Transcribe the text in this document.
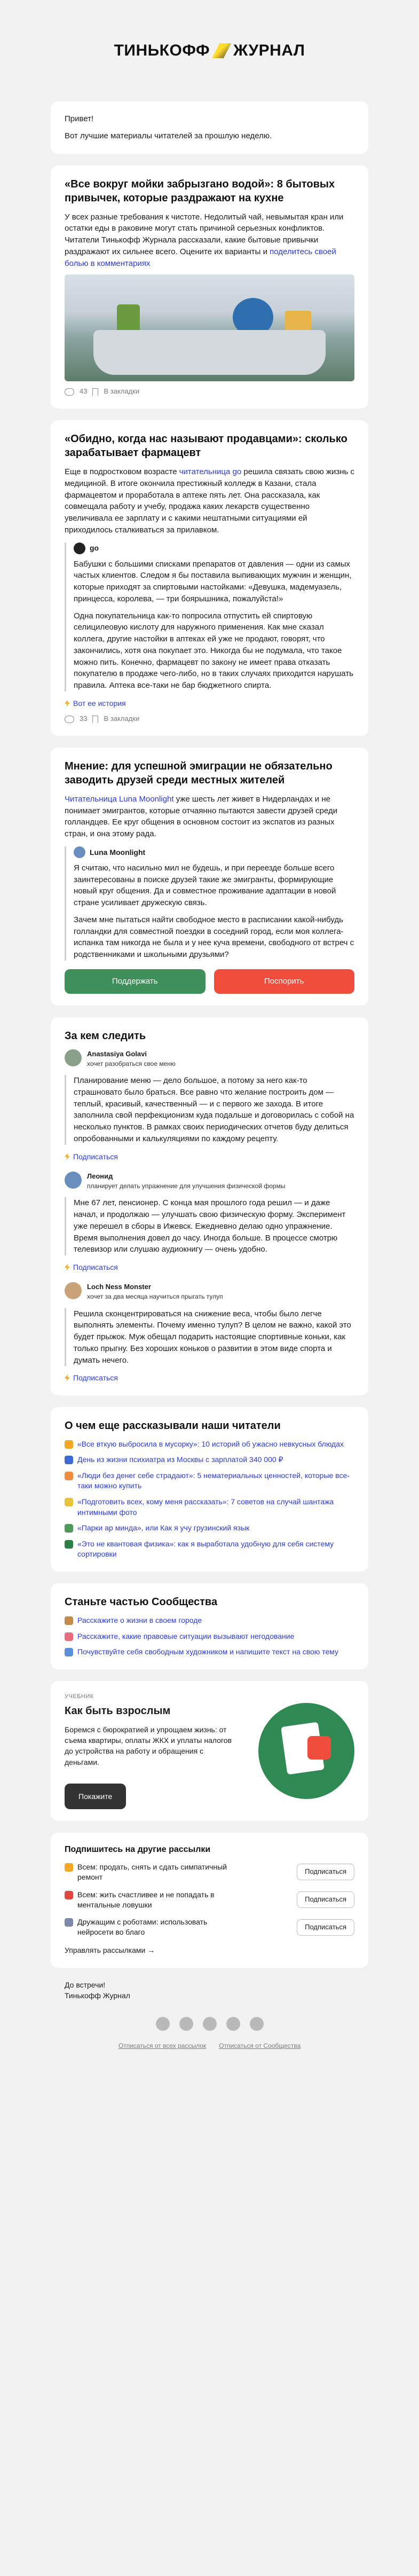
ТИНЬКОФФ ЖУРНАЛ

Привет!

Вот лучшие материалы читателей за прошлую неделю.

«Все вокруг мойки забрызгано водой»: 8 бытовых привычек, которые раздражают на кухне

У всех разные требования к чистоте. Недолитый чай, невымытая кран или остатки еды в раковине могут стать причиной серьезных конфликтов. Читатели Тинькофф Журнала рассказали, какие бытовые привычки раздражают их сильнее всего. Оцените их варианты и поделитесь своей болью в комментариях

43 В закладки
«Обидно, когда нас называют продавцами»: сколько зарабатывает фармацевт

Еще в подростковом возрасте читательница go решила связать свою жизнь с медициной. В итоге окончила престижный колледж в Казани, стала фармацевтом и проработала в аптеке пять лет. Она рассказала, как совмещала работу и учебу, продажа каких лекарств существенно увеличивала ее зарплату и с какими нештатными ситуациями ей приходилось сталкиваться за прилавком.

go

Бабушки с большими списками препаратов от давления — одни из самых частых клиентов. Следом я бы поставила выпивающих мужчин и женщин, которые приходят за спиртовыми настойками: «Девушка, мадемуазель, принцесса, королева, — три боярышника, пожалуйста!»

Одна покупательница как-то попросила отпустить ей спиртовую селицилеовую кислоту для наружного применения. Как мне сказал коллега, другие настойки в аптеках ей уже не продают, говорят, что закончились, хотя она покупает это. Никогда бы не подумала, что такое можно пить. Конечно, фармацевт по закону не имеет права отказать покупателю в продаже чего-либо, но в таких случаях приходится нарушать правила. Аптека все-таки не бар бюджетного спирта.

Вот ее история
33 В закладки
Мнение: для успешной эмиграции не обязательно заводить друзей среди местных жителей

Читательница Luna Moonlight уже шесть лет живет в Нидерландах и не понимает эмигрантов, которые отчаянно пытаются завести друзей среди голландцев. Ее круг общения в основном состоит из экспатов из разных стран, и она этому рада.

Luna Moonlight

Я считаю, что насильно мил не будешь, и при переезде больше всего заинтересованы в поиске друзей такие же эмигранты, формирующие новый круг общения. Да и совместное проживание адаптации в новой стране усиливает дружескую связь.

Зачем мне пытаться найти свободное место в расписании какой-нибудь голландки для совместной поездки в соседний город, если моя коллега-испанка там никогда не была и у нее куча времени, свободного от встреч с родственниками и школьными друзьями?

Поддержать	Поспорить
За кем следить
Anastasiya Golavi
хочет разобраться свое меню

Планирование меню — дело большое, а потому за него как-то страшновато было браться. Все равно что желание построить дом — теплый, красивый, качественный — и с первого же захода. В итоге заполнила свой перфекционизм куда подальше и договорилась с собой на несколько пунктов. В рамках своих периодических отчетов буду делиться опробованными и калькуляциями по каждому рецепту.

Подписаться
Леонид
планирует делать упражнение для улучшения физической формы

Мне 67 лет, пенсионер. С конца мая прошлого года решил — и даже начал, и продолжаю — улучшать свою физическую форму. Эксперимент уже перешел в сборы в Ижевск. Ежедневно делаю одно упражнение. Время выполнения довел до часу. Иногда больше. В процессе смотрю телевизор или слушаю аудиокнигу — очень удобно.

Подписаться
Loch Ness Monster
хочет за два месяца научиться прыгать тулуп

Решила сконцентрироваться на снижение веса, чтобы было легче выполнять элементы. Почему именно тулуп? В целом не важно, какой это будет прыжок. Муж обещал подарить настоящие спортивные коньки, как только прыгну. Без хороших коньков о развитии в этом виде спорта и думать нечего.

Подписаться
О чем еще рассказывали наши читатели
«Все вткую выбросила в мусорку»: 10 историй об ужасно невкусных блюдах
День из жизни психиатра из Москвы с зарплатой 340 000 ₽
«Люди без денег себе страдают»: 5 нематериальных ценностей, которые все-таки можно купить
«Подготовить всех, кому меня рассказать»: 7 советов на случай шантажа интимными фото
«Парки ар минда», или Как я учу грузинский язык
«Это не квантовая физика»: как я выработала удобную для себя систему сортировки
Станьте частью Сообщества
Расскажите о жизни в своем городе
Расскажите, какие правовые ситуации вызывают негодование
Почувствуйте себя свободным художником и напишите текст на свою тему
УЧЕБНИК
Как быть взрослым

Боремся с бюрократией и упрощаем жизнь: от съема квартиры, оплаты ЖКХ и уплаты налогов до устройства на работу и обращения с деньгами.

Покажите
Подпишитесь на другие рассылки
Всем: продать, снять и сдать симпатичный ремонт
Подписаться
Всем: жить счастливее и не попадать в ментальные ловушки
Подписаться
Дружащим с роботами: использовать нейросети во благо
Подписаться
Управлять рассылками →
До встречи!
Тинькофф Журнал
Отписаться от всех рассылок Отписаться от Сообщества
